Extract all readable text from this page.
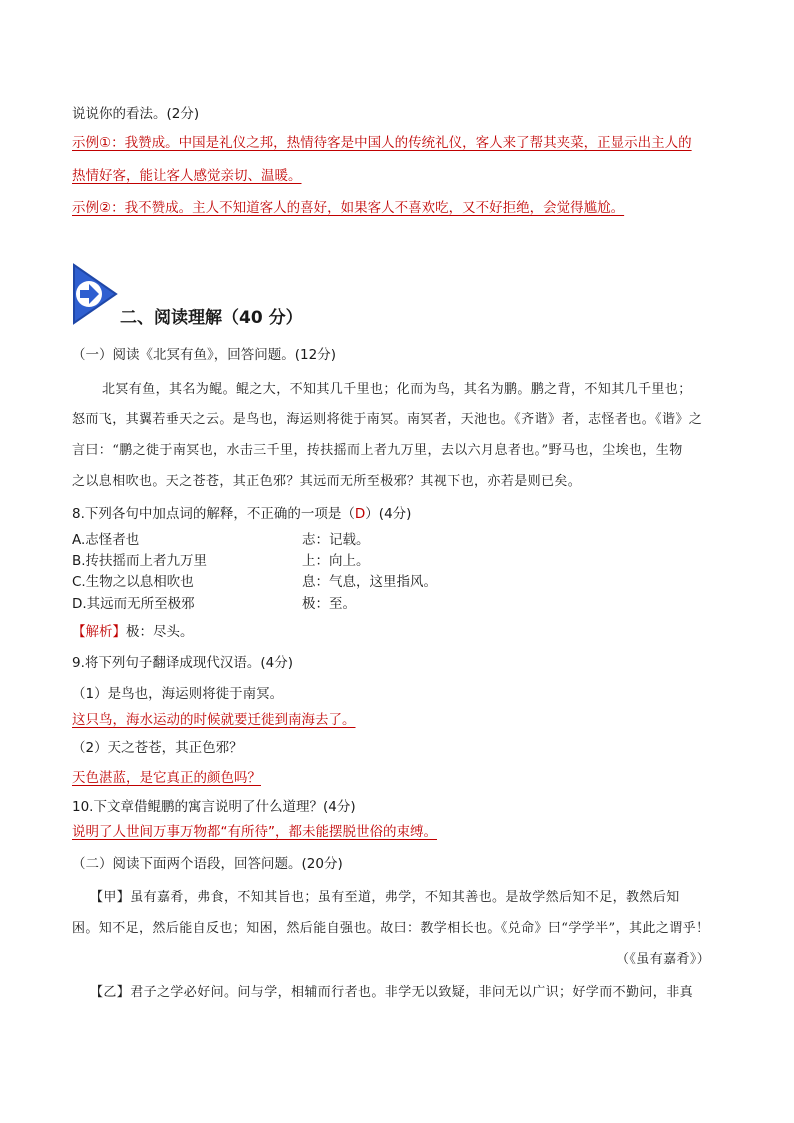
说说你的看法。(2分)
示例①：我赞成。中国是礼仪之邦，热情待客是中国人的传统礼仪，客人来了帮其夹菜，正显示出主人的
热情好客，能让客人感觉亲切、温暖。
示例②：我不赞成。主人不知道客人的喜好，如果客人不喜欢吃，又不好拒绝，会觉得尴尬。
二、阅读理解（40 分）
（一）阅读《北冥有鱼》，回答问题。(12分)
北冥有鱼，其名为鲲。鲲之大，不知其几千里也；化而为鸟，其名为鹏。鹏之背，不知其几千里也；
怒而飞，其翼若垂天之云。是鸟也，海运则将徙于南冥。南冥者，天池也。《齐谐》者，志怪者也。《谐》之
言曰：“鹏之徙于南冥也，水击三千里，抟扶摇而上者九万里，去以六月息者也。”野马也，尘埃也，生物
之以息相吹也。天之苍苍，其正色邪？其远而无所至极邪？其视下也，亦若是则已矣。
8.下列各句中加点词的解释，不正确的一项是（D）(4分)
A.志怪者也	志：记载。
B.抟扶摇而上者九万里	上：向上。
C.生物之以息相吹也	息：气息，这里指风。
D.其远而无所至极邪	极：至。
【解析】极：尽头。
9.将下列句子翻译成现代汉语。(4分)
（1）是鸟也，海运则将徙于南冥。
这只鸟，海水运动的时候就要迁徙到南海去了。
（2）天之苍苍，其正色邪？
天色湛蓝，是它真正的颜色吗？
10.下文章借鲲鹏的寓言说明了什么道理？(4分)
说明了人世间万事万物都“有所待”，都未能摆脱世俗的束缚。
（二）阅读下面两个语段，回答问题。(20分)
【甲】虽有嘉肴，弗食，不知其旨也；虽有至道，弗学，不知其善也。是故学然后知不足，教然后知
困。知不足，然后能自反也；知困，然后能自强也。故曰：教学相长也。《兑命》曰“学学半”，其此之谓乎！
（《虽有嘉肴》）
【乙】君子之学必好问。问与学，相辅而行者也。非学无以致疑，非问无以广识；好学而不勤问，非真
